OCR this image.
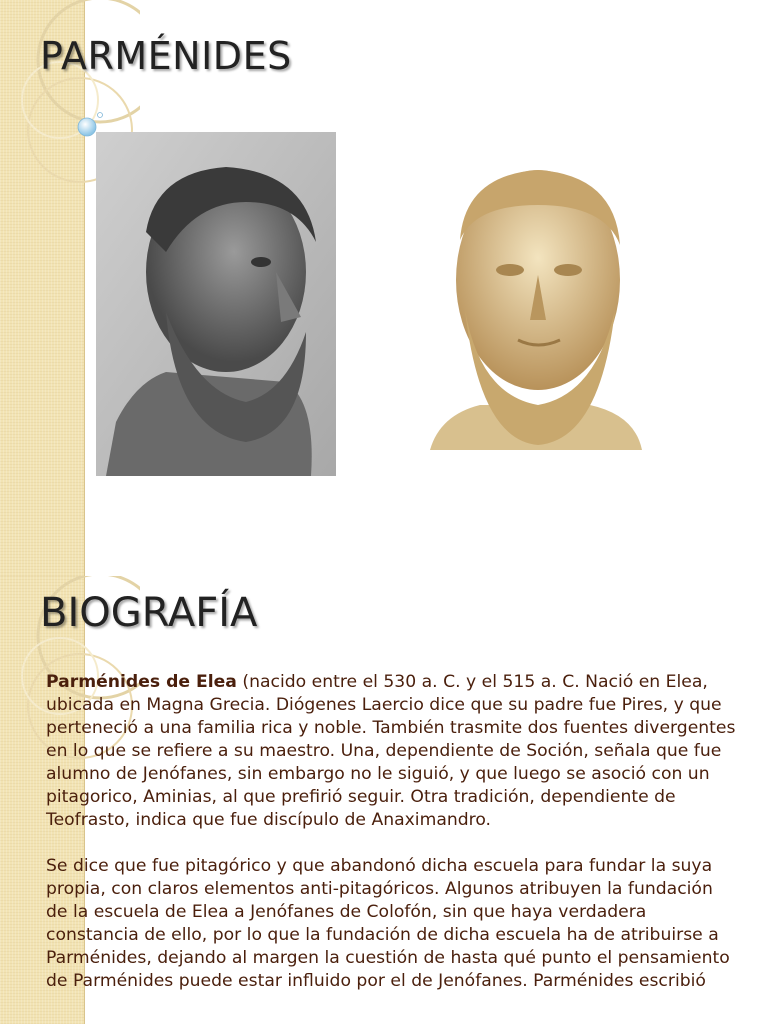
PARMÉNIDES
BIOGRAFÍA

Parménides de Elea (nacido entre el 530 a. C. y el 515 a. C. Nació en Elea, ubicada en Magna Grecia. Diógenes Laercio dice que su padre fue Pires, y que perteneció a una familia rica y noble. También trasmite dos fuentes divergentes en lo que se refiere a su maestro. Una, dependiente de Soción, señala que fue alumno de Jenófanes, sin embargo no le siguió, y que luego se asoció con un pitagorico, Aminias, al que prefirió seguir. Otra tradición, dependiente de Teofrasto, indica que fue discípulo de Anaximandro.

Se dice que fue pitagórico y que abandonó dicha escuela para fundar la suya propia, con claros elementos anti-pitagóricos. Algunos atribuyen la fundación de la escuela de Elea a Jenófanes de Colofón, sin que haya verdadera constancia de ello, por lo que la fundación de dicha escuela ha de atribuirse a Parménides, dejando al margen la cuestión de hasta qué punto el pensamiento de Parménides puede estar influido por el de Jenófanes. Parménides escribió
